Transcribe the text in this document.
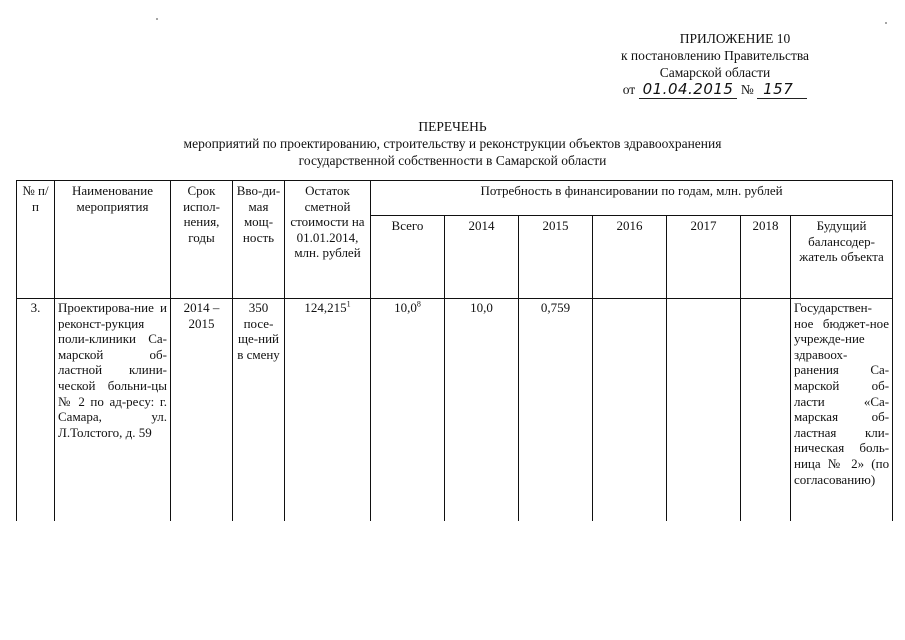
ПРИЛОЖЕНИЕ 10
к постановлению Правительства
Самарской области
от 01.04.2015 № 157
ПЕРЕЧЕНЬ
мероприятий по проектированию, строительству и реконструкции объектов здравоохранения
государственной собственности в Самарской области
№ п/п	Наименование мероприятия	Срок испол-нения, годы	Вво-ди-мая мощ-ность	Остаток сметной стоимости на 01.01.2014, млн. рублей	Потребность в финансировании по годам, млн. рублей						
					Всего	2014	2015	2016	2017	2018	Будущий балансодер-жатель объекта
3.	Проектирова-ние и реконст-рукция поли-клиники Са-марской об-ластной клини-ческой больни-цы № 2 по ад-ресу: г. Самара, ул. Л.Толстого, д. 59	2014 – 2015	350 посе-ще-ний в смену	124,215$^1$	10,0$^8$	10,0	0,759				Государствен-ное бюджет-ное учрежде-ние здравоох-ранения Са-марской об-ласти «Са-марская об-ластная кли-ническая боль-ница № 2» (по согласованию)
